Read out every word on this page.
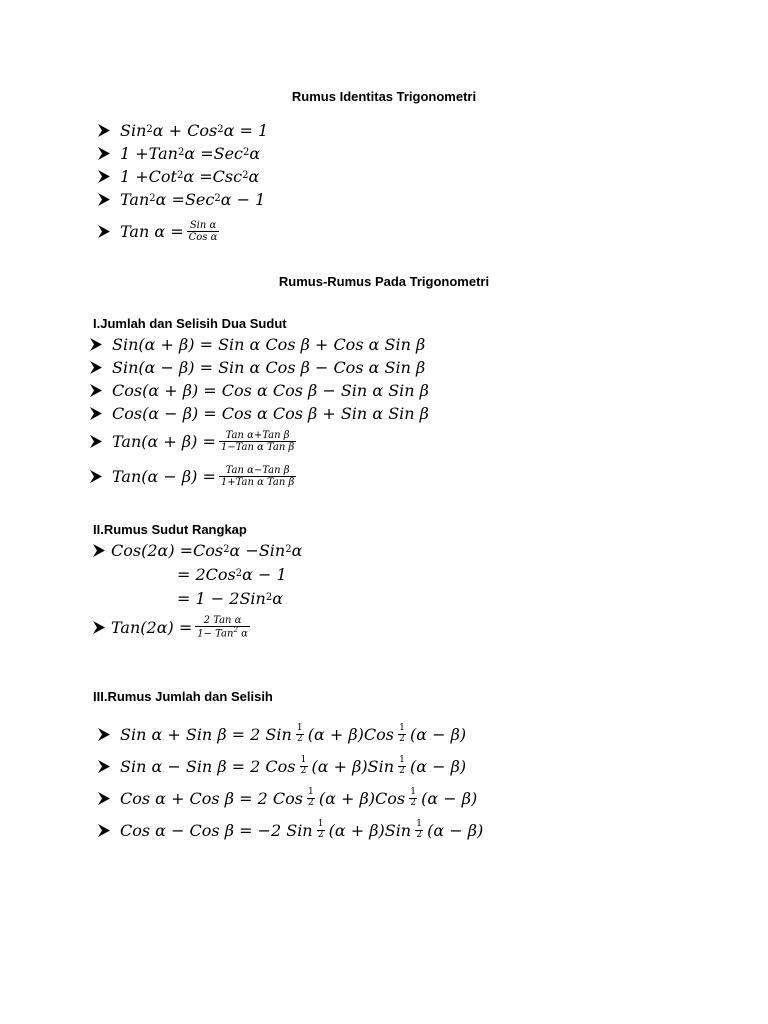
Rumus Identitas Trigonometri

Sin 2 α +
Cos 2 α = 1
1 + Tan 2 α = Sec 2 α
1 + Cot 2 α = Csc 2 α
Tan 2 α = Sec 2 α − 1
Tan $\alpha = \frac{\text{Sin α}}{\text{Cos α}}$

Rumus-Rumus Pada Trigonometri

I.Jumlah dan Selisih Dua Sudut

Sin(α + β) = Sin α Cos β + Cos α Sin β
Sin(α − β) = Sin α Cos β − Cos α Sin β
Cos(α + β) = Cos α Cos β − Sin α Sin β
Cos(α − β) = Cos α Cos β + Sin α Sin β
$Tan(\alpha + \beta) = \frac{\text{Tan α+Tan β}}{\text{1−Tan α Tan β}}$
$Tan(\alpha - \beta) = \frac{\text{Tan α−Tan β}}{\text{1+Tan α Tan β}}$

II.Rumus Sudut Rangkap

Cos(2α) = Cos 2 α − Sin 2 α
= 2 Cos 2 α − 1
= 1 − 2 Sin 2 α
$Tan(2\alpha) = \frac{\text{2 Tan α}}{1- Tan^2 \alpha}$

III.Rumus Jumlah dan Selisih

Sin α + Sin β = 2 Sin 1
2 (α + β)Cos 1
2 (α − β)
Sin α − Sin β = 2 Cos 1
2 (α + β)Sin 1
2 (α − β)
Cos α + Cos β = 2 Cos 1
2 (α + β)Cos 1
2 (α − β)
Cos α − Cos β = −2 Sin 1
2 (α + β)Sin 1
2 (α − β)
